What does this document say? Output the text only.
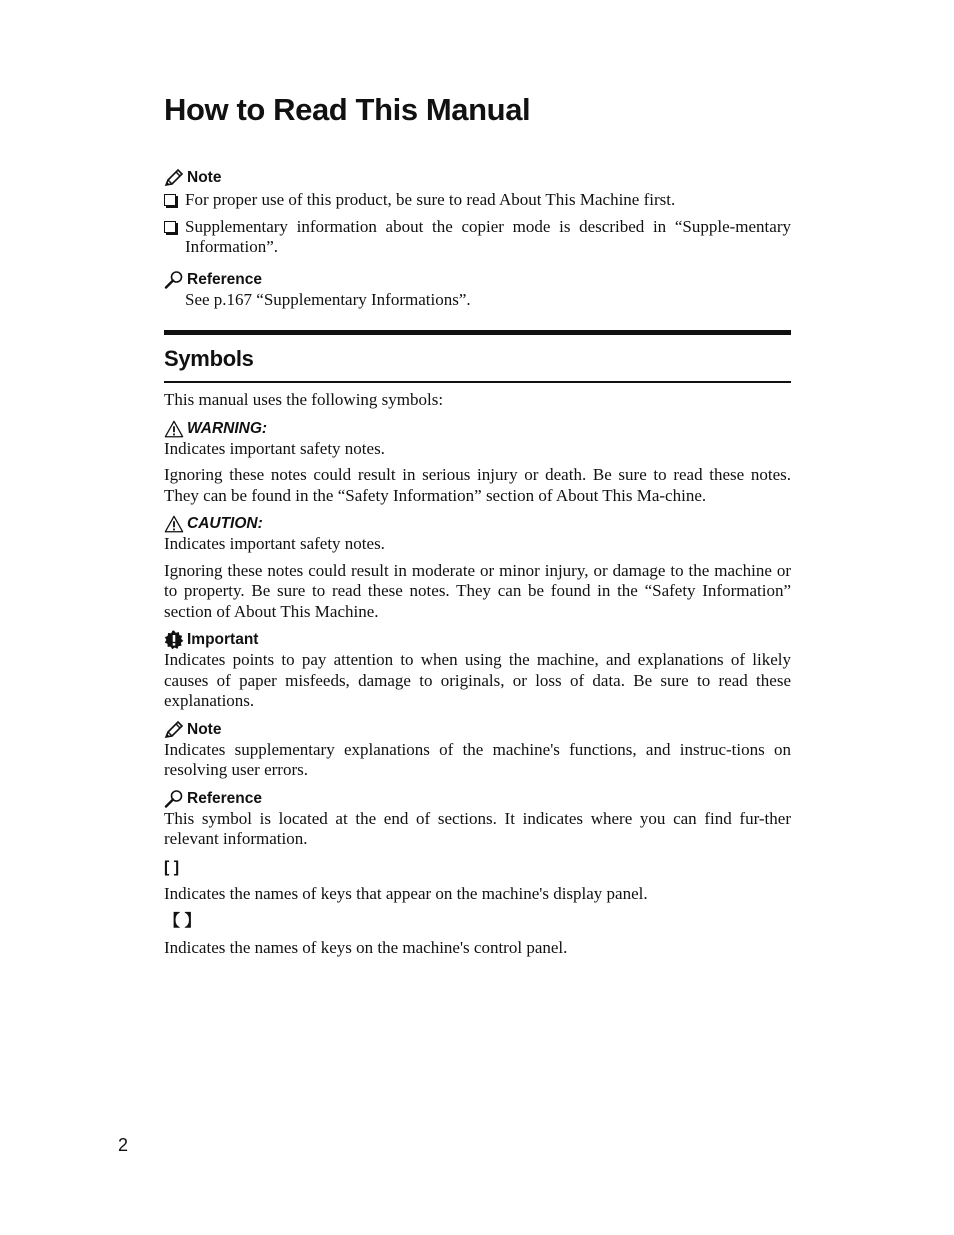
How to Read This Manual
Note
For proper use of this product, be sure to read About This Machine first.
Supplementary information about the copier mode is described in “Supple-mentary Information”.
Reference

See p.167 “Supplementary Informations”.

Symbols

This manual uses the following symbols:

WARNING:

Indicates important safety notes.

Ignoring these notes could result in serious injury or death. Be sure to read these notes. They can be found in the “Safety Information” section of About This Ma-chine.

CAUTION:

Indicates important safety notes.

Ignoring these notes could result in moderate or minor injury, or damage to the machine or to property. Be sure to read these notes. They can be found in the “Safety Information” section of About This Machine.

Important

Indicates points to pay attention to when using the machine, and explanations of likely causes of paper misfeeds, damage to originals, or loss of data. Be sure to read these explanations.

Note

Indicates supplementary explanations of the machine's functions, and instruc-tions on resolving user errors.

Reference

This symbol is located at the end of sections. It indicates where you can find fur-ther relevant information.

[ ]

Indicates the names of keys that appear on the machine's display panel.

【 】

Indicates the names of keys on the machine's control panel.

2
